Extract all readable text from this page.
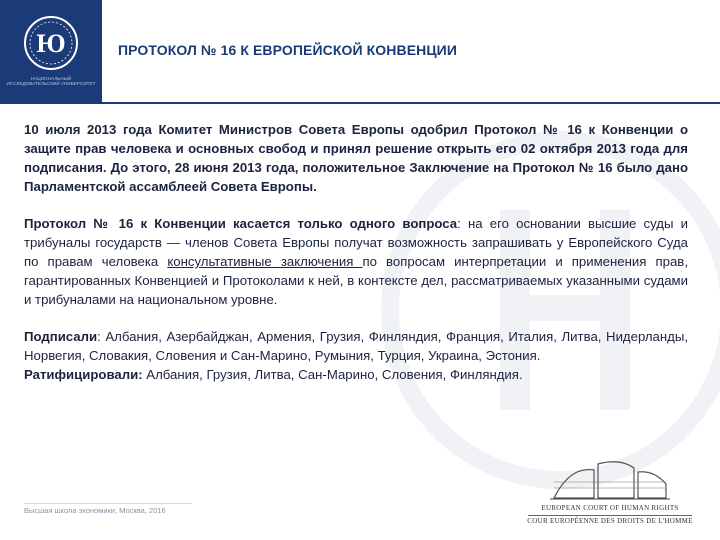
Ю
НАЦИОНАЛЬНЫЙ ИССЛЕДОВАТЕЛЬСКИЙ УНИВЕРСИТЕТ
ПРОТОКОЛ № 16 К ЕВРОПЕЙСКОЙ КОНВЕНЦИИ

10 июля 2013 года Комитет Министров Совета Европы одобрил Протокол № 16 к Конвенции о защите прав человека и основных свобод и принял решение открыть его 02 октября 2013 года для подписания. До этого, 28 июня 2013 года, положительное Заключение на Протокол № 16 было дано Парламентской ассамблеей Совета Европы.

Протокол № 16 к Конвенции касается только одного вопроса: на его основании высшие суды и трибуналы государств — членов Совета Европы получат возможность запрашивать у Европейского Суда по правам человека консультативные заключения по вопросам интерпретации и применения прав, гарантированных Конвенцией и Протоколами к ней, в контексте дел, рассматриваемых указанными судами и трибуналами на национальном уровне.

Подписали: Албания, Азербайджан, Армения, Грузия, Финляндия, Франция, Италия, Литва, Нидерланды, Норвегия, Словакия, Словения и Сан-Марино, Румыния, Турция, Украина, Эстония.

Ратифицировали: Албания, Грузия, Литва, Сан-Марино, Словения, Финляндия.

Высшая школа экономики, Москва, 2016	EUROPEAN COURT OF HUMAN RIGHTS
COUR EUROPÉENNE DES DROITS DE L'HOMME
